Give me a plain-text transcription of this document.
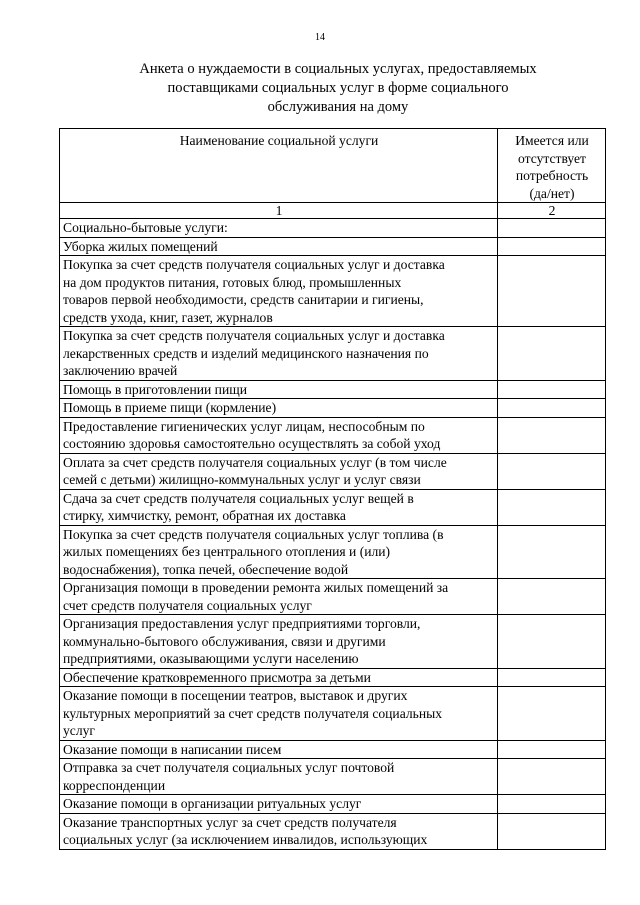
14
Анкета о нуждаемости в социальных услугах, предоставляемых
поставщиками социальных услуг в форме социального
обслуживания на дому
Наименование социальной услуги	Имеется или
отсутствует
потребность
(да/нет)

1	2

Социально-бытовые услуги:	

Уборка жилых помещений	

Покупка за счет средств получателя социальных услуг и доставка
на дом продуктов питания, готовых блюд, промышленных
товаров первой необходимости, средств санитарии и гигиены,
средств ухода, книг, газет, журналов	

Покупка за счет средств получателя социальных услуг и доставка
лекарственных средств и изделий медицинского назначения по
заключению врачей	

Помощь в приготовлении пищи	

Помощь в приеме пищи (кормление)	

Предоставление гигиенических услуг лицам, неспособным по
состоянию здоровья самостоятельно осуществлять за собой уход	

Оплата за счет средств получателя социальных услуг (в том числе
семей с детьми) жилищно-коммунальных услуг и услуг связи	

Сдача за счет средств получателя социальных услуг вещей в
стирку, химчистку, ремонт, обратная их доставка	

Покупка за счет средств получателя социальных услуг топлива (в
жилых помещениях без центрального отопления и (или)
водоснабжения), топка печей, обеспечение водой	

Организация помощи в проведении ремонта жилых помещений за
счет средств получателя социальных услуг	

Организация предоставления услуг предприятиями торговли,
коммунально-бытового обслуживания, связи и другими
предприятиями, оказывающими услуги населению	

Обеспечение кратковременного присмотра за детьми	

Оказание помощи в посещении театров, выставок и других
культурных мероприятий за счет средств получателя социальных
услуг	

Оказание помощи в написании писем	

Отправка за счет получателя социальных услуг почтовой
корреспонденции	

Оказание помощи в организации ритуальных услуг	

Оказание транспортных услуг за счет средств получателя
социальных услуг (за исключением инвалидов, использующих	
